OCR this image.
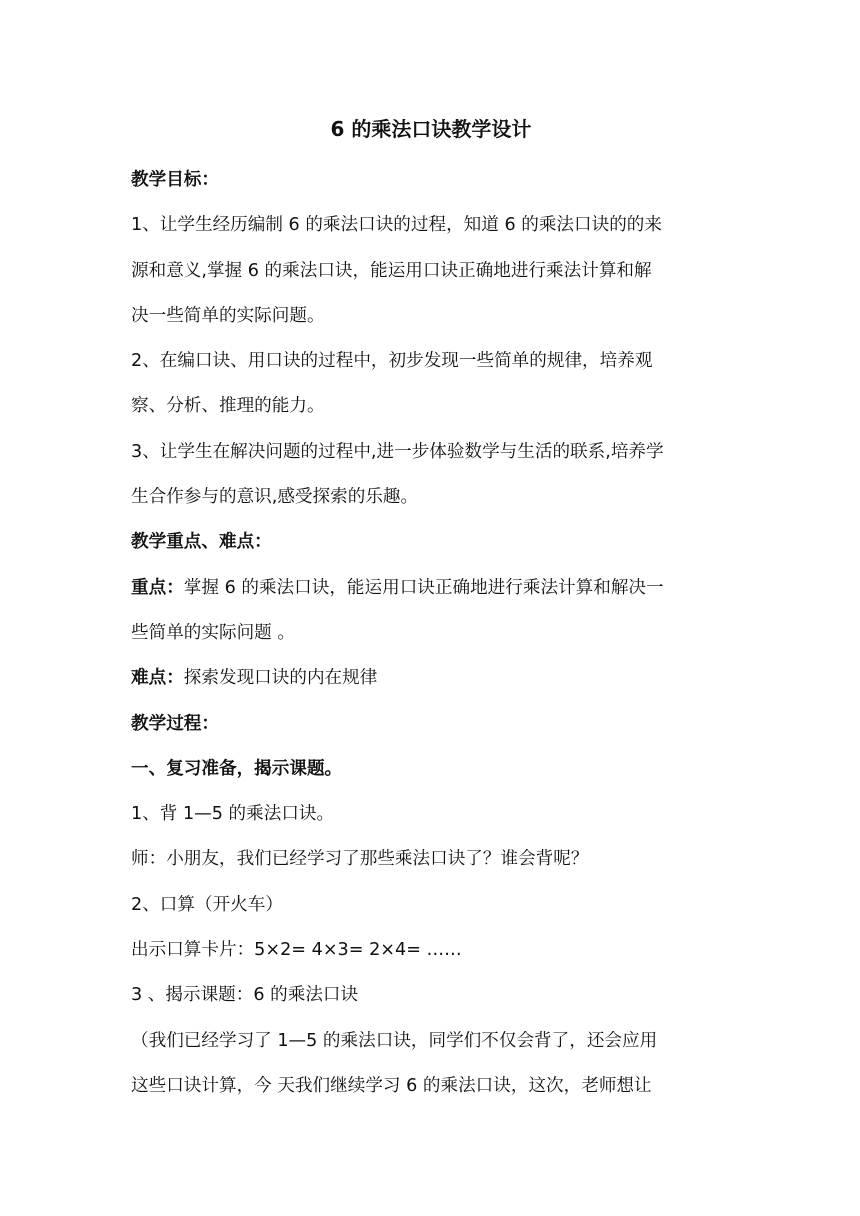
6 的乘法口诀教学设计
教学目标：
1、让学生经历编制 6 的乘法口诀的过程，知道 6 的乘法口诀的的来
源和意义,掌握 6 的乘法口诀，能运用口诀正确地进行乘法计算和解
决一些简单的实际问题。
2、在编口诀、用口诀的过程中，初步发现一些简单的规律，培养观
察、分析、推理的能力。
3、让学生在解决问题的过程中,进一步体验数学与生活的联系,培养学
生合作参与的意识,感受探索的乐趣。
教学重点、难点：
重点：掌握 6 的乘法口诀，能运用口诀正确地进行乘法计算和解决一
些简单的实际问题 。
难点：探索发现口诀的内在规律
教学过程：
一、复习准备，揭示课题。
1、背 1—5 的乘法口诀。
师：小朋友，我们已经学习了那些乘法口诀了？谁会背呢？
2、口算（开火车）
出示口算卡片：5×2= 4×3= 2×4= ……
3 、揭示课题：6 的乘法口诀
（我们已经学习了 1—5 的乘法口诀，同学们不仅会背了，还会应用
这些口诀计算，今 天我们继续学习 6 的乘法口诀，这次，老师想让
